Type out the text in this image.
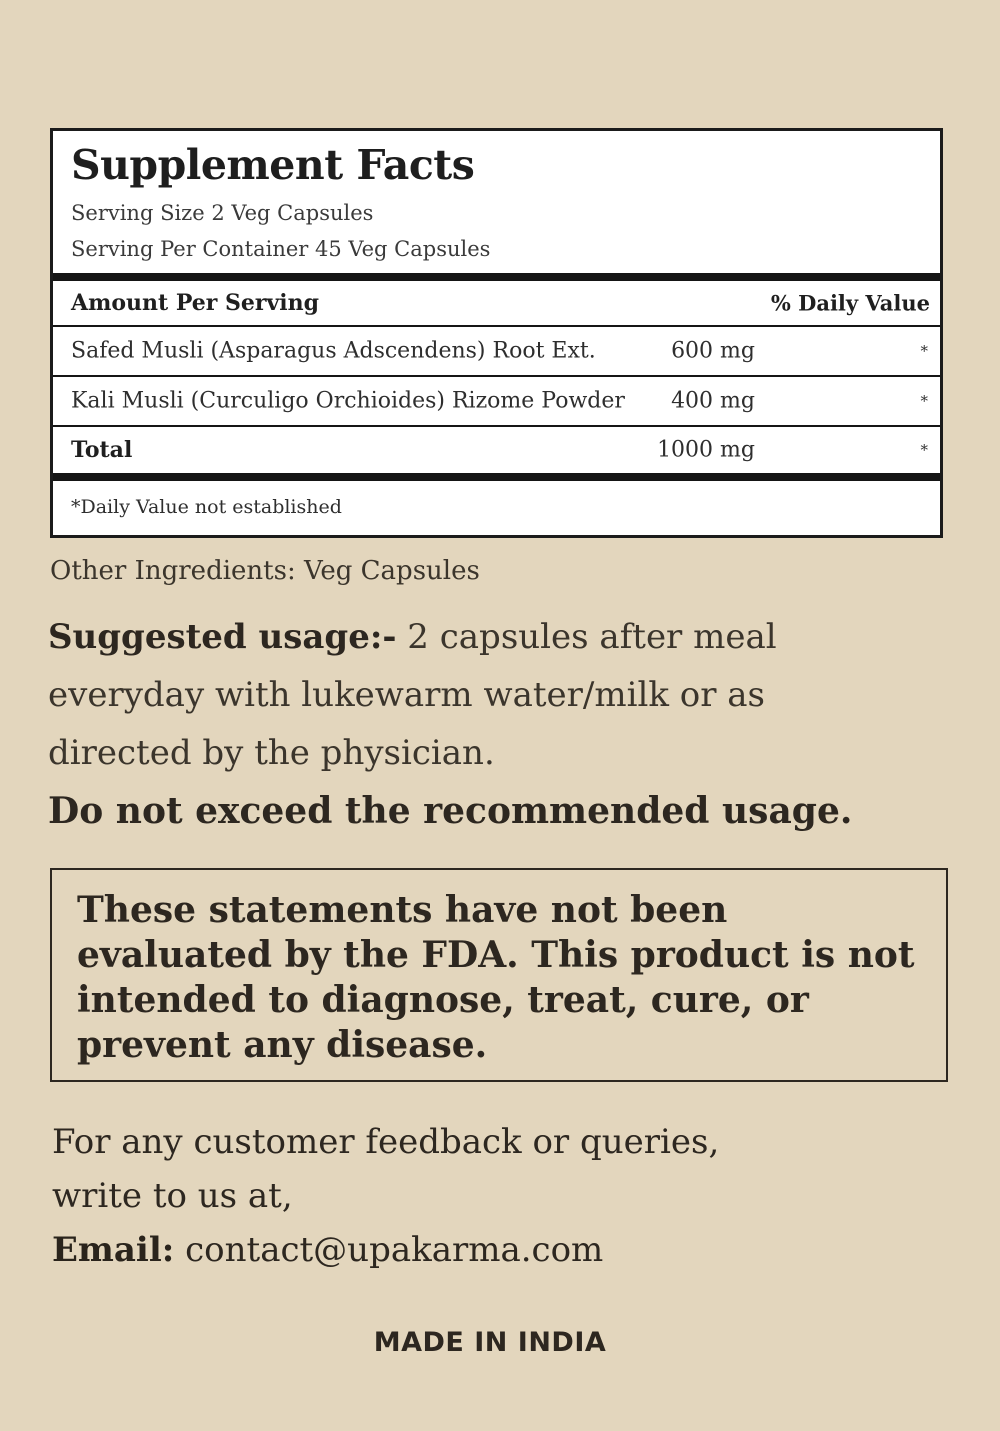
Supplement Facts
Serving Size 2 Veg Capsules
Serving Per Container 45 Veg Capsules
Amount Per Serving	% Daily Value
Safed Musli (Asparagus Adscendens) Root Ext.	600 mg	*
Kali Musli (Curculigo Orchioides) Rizome Powder 400 mg	*
Total	1000 mg	*
*Daily Value not established
Other Ingredients: Veg Capsules
Suggested usage:- 2 capsules after meal everyday with lukewarm water/milk or as directed by the physician.
Do not exceed the recommended usage.

These statements have not been evaluated by the FDA. This product is not intended to diagnose, treat, cure, or prevent any disease.

For any customer feedback or queries,
write to us at,
Email: contact@upakarma.com
MADE IN INDIA
